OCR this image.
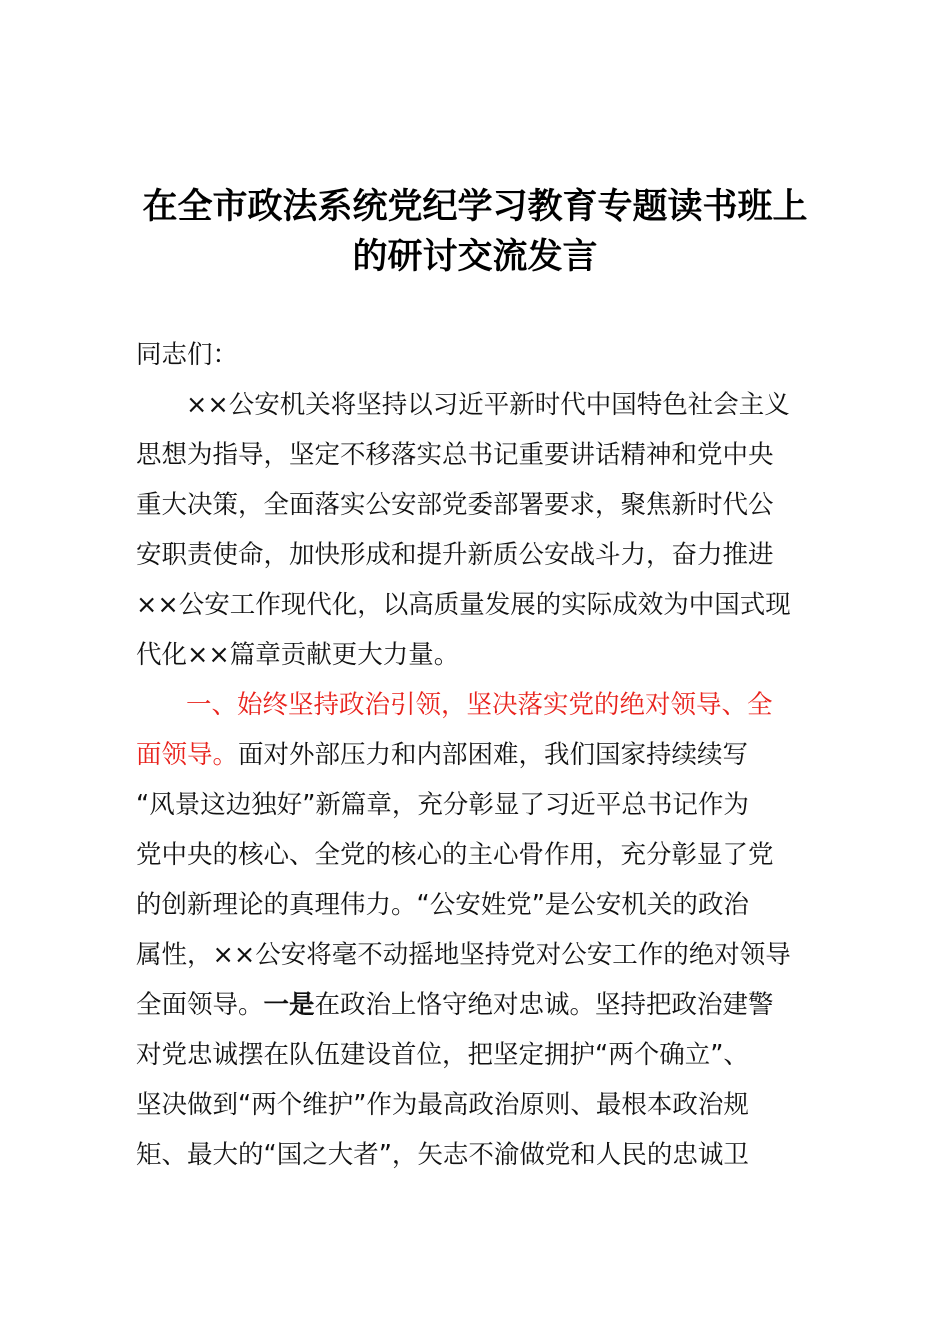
在全市政法系统党纪学习教育专题读书班上
的研讨交流发言
同志们：
××公安机关将坚持以习近平新时代中国特色社会主义
思想为指导，坚定不移落实总书记重要讲话精神和党中央
重大决策，全面落实公安部党委部署要求，聚焦新时代公
安职责使命，加快形成和提升新质公安战斗力，奋力推进
××公安工作现代化，以高质量发展的实际成效为中国式现
代化××篇章贡献更大力量。
一、始终坚持政治引领，坚决落实党的绝对领导、全
面领导。面对外部压力和内部困难，我们国家持续续写
“风景这边独好”新篇章，充分彰显了习近平总书记作为
党中央的核心、全党的核心的主心骨作用，充分彰显了党
的创新理论的真理伟力。“公安姓党”是公安机关的政治
属性，××公安将毫不动摇地坚持党对公安工作的绝对领导
全面领导。一是在政治上恪守绝对忠诚。坚持把政治建警
对党忠诚摆在队伍建设首位，把坚定拥护“两个确立”、
坚决做到“两个维护”作为最高政治原则、最根本政治规
矩、最大的“国之大者”，矢志不渝做党和人民的忠诚卫
